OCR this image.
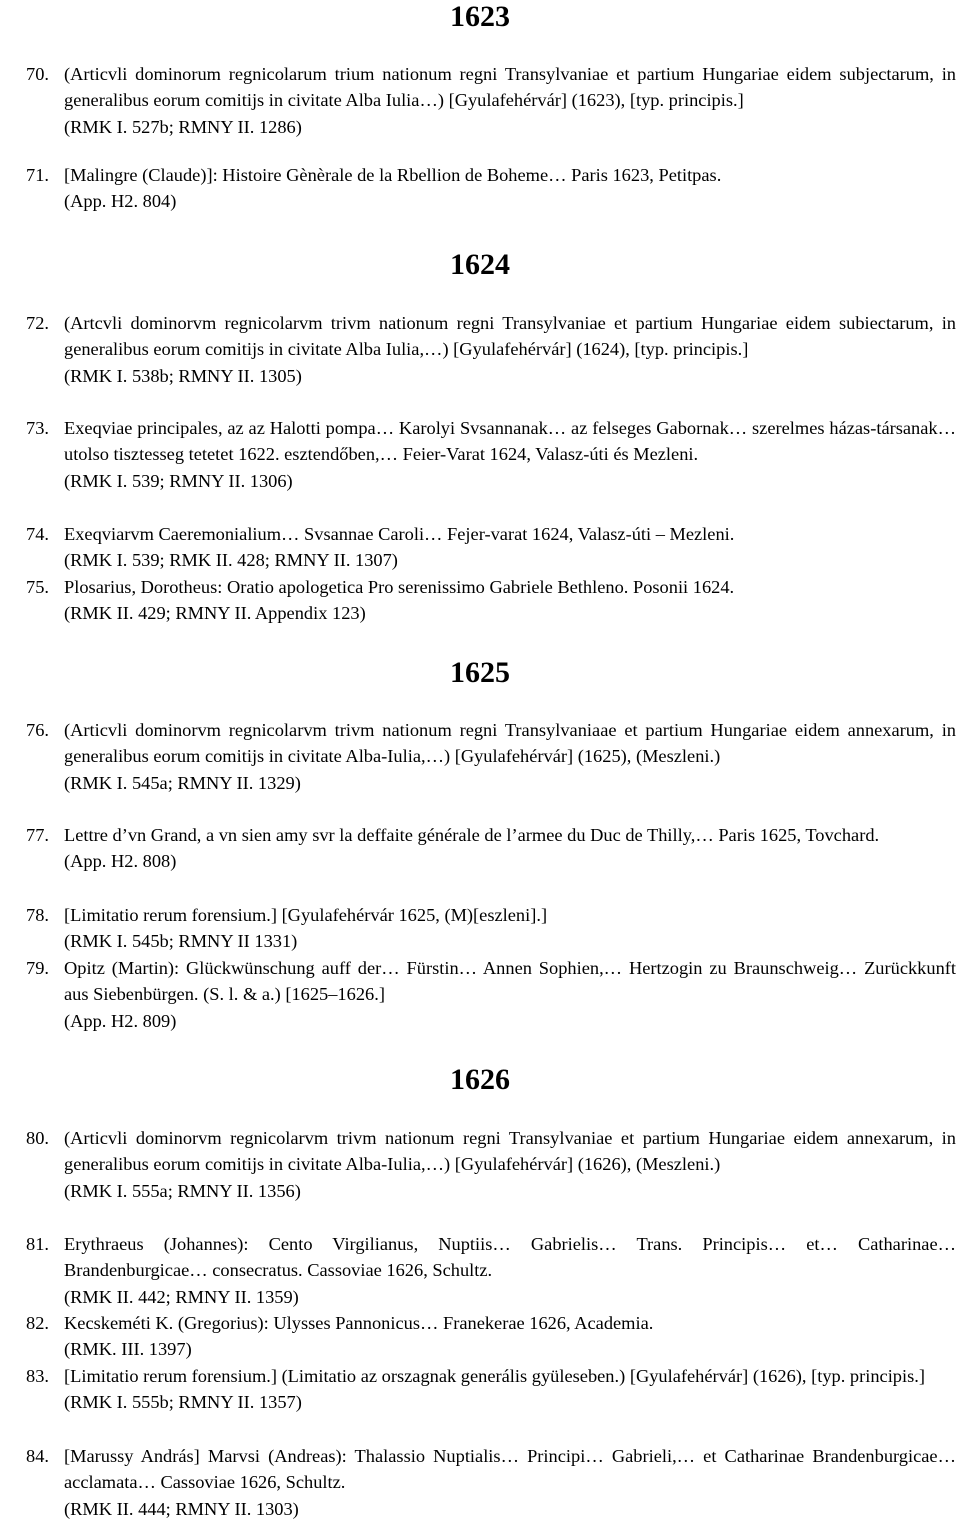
1623
70. (Articvli dominorum regnicolarum trium nationum regni Transylvaniae et partium Hungariae eidem subjectarum, in generalibus eorum comitijs in civitate Alba Iulia…) [Gyulafehérvár] (1623), [typ. principis.]
(RMK I. 527b; RMNY II. 1286)
71. [Malingre (Claude)]: Histoire Gènèrale de la Rbellion de Boheme… Paris 1623, Petitpas.
(App. H2. 804)
1624
72. (Artcvli dominorvm regnicolarvm trivm nationum regni Transylvaniae et partium Hungariae eidem subiectarum, in generalibus eorum comitijs in civitate Alba Iulia,…) [Gyulafehérvár] (1624), [typ. principis.]
(RMK I. 538b; RMNY II. 1305)
73. Exeqviae principales, az az Halotti pompa… Karolyi Svsannanak… az felseges Gabornak… szerelmes házas-társanak… utolso tisztesseg tetetet 1622. esztendőben,… Feier-Varat 1624, Valasz-úti és Mezleni.
(RMK I. 539; RMNY II. 1306)
74. Exeqviarvm Caeremonialium… Svsannae Caroli… Fejer-varat 1624, Valasz-úti – Mezleni.
(RMK I. 539; RMK II. 428; RMNY II. 1307)
75. Plosarius, Dorotheus: Oratio apologetica Pro serenissimo Gabriele Bethleno. Posonii 1624.
(RMK II. 429; RMNY II. Appendix 123)
1625
76. (Articvli dominorvm regnicolarvm trivm nationum regni Transylvaniaae et partium Hungariae eidem annexarum, in generalibus eorum comitijs in civitate Alba-Iulia,…) [Gyulafehérvár] (1625), (Meszleni.)
(RMK I. 545a; RMNY II. 1329)
77. Lettre d’vn Grand, a vn sien amy svr la deffaite générale de l’armee du Duc de Thilly,… Paris 1625, Tovchard.
(App. H2. 808)
78. [Limitatio rerum forensium.] [Gyulafehérvár 1625, (M)[eszleni].]
(RMK I. 545b; RMNY II 1331)
79. Opitz (Martin): Glückwünschung auff der… Fürstin… Annen Sophien,… Hertzogin zu Braunschweig… Zurückkunft aus Siebenbürgen. (S. l. & a.) [1625–1626.]
(App. H2. 809)
1626
80. (Articvli dominorvm regnicolarvm trivm nationum regni Transylvaniae et partium Hungariae eidem annexarum, in generalibus eorum comitijs in civitate Alba-Iulia,…) [Gyulafehérvár] (1626), (Meszleni.)
(RMK I. 555a; RMNY II. 1356)
81. Erythraeus (Johannes): Cento Virgilianus, Nuptiis… Gabrielis… Trans. Principis… et… Catharinae… Brandenburgicae… consecratus. Cassoviae 1626, Schultz.
(RMK II. 442; RMNY II. 1359)
82. Kecskeméti K. (Gregorius): Ulysses Pannonicus… Franekerae 1626, Academia.
(RMK. III. 1397)
83. [Limitatio rerum forensium.] (Limitatio az orszagnak generális gyüleseben.) [Gyulafehérvár] (1626), [typ. principis.]
(RMK I. 555b; RMNY II. 1357)
84. [Marussy András] Marvsi (Andreas): Thalassio Nuptialis… Principi… Gabrieli,… et Catharinae Brandenburgicae… acclamata… Cassoviae 1626, Schultz.
(RMK II. 444; RMNY II. 1303)
